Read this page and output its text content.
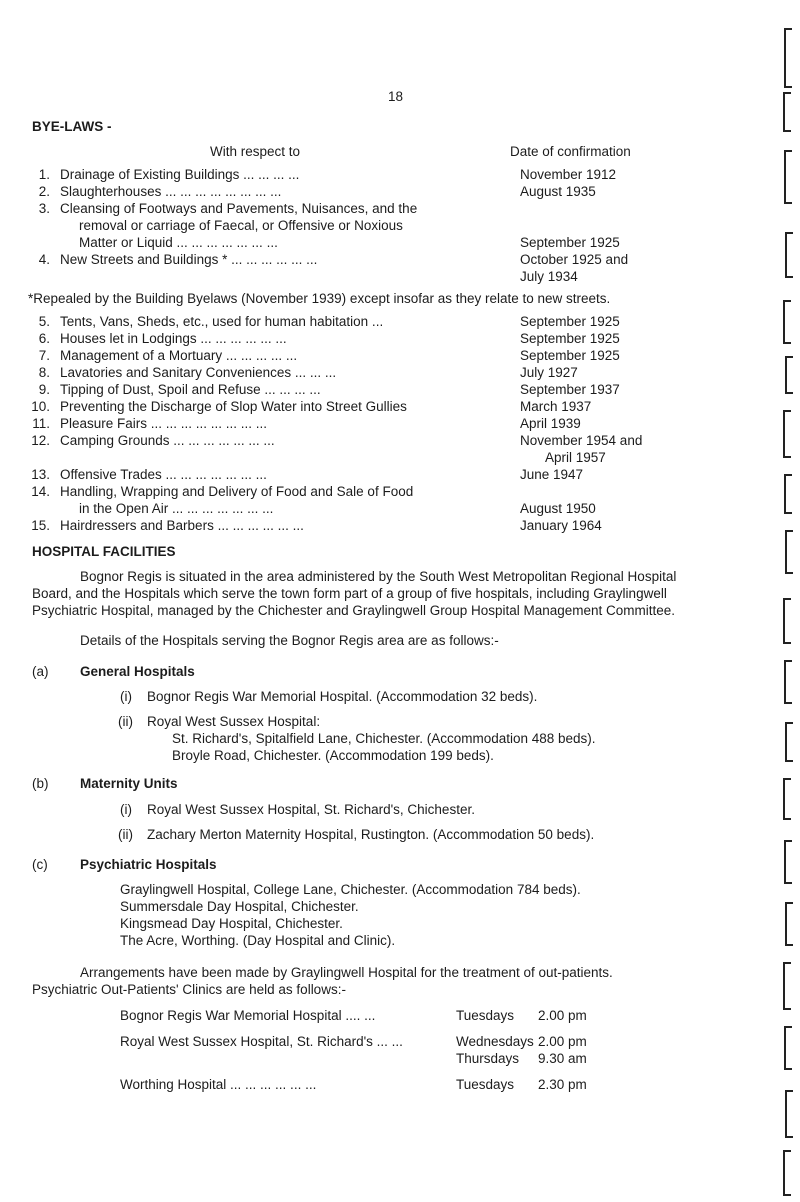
18
BYE-LAWS -
With respect to	Date of confirmation
1. Drainage of Existing Buildings ... ... ... ...	November 1912
2. Slaughterhouses ... ... ... ... ... ... ... ...	August 1935
3. Cleansing of Footways and Pavements, Nuisances, and the
removal or carriage of Faecal, or Offensive or Noxious
Matter or Liquid ... ... ... ... ... ... ...	September 1925
4. New Streets and Buildings * ... ... ... ... ... ...	October 1925 and
July 1934
*Repealed by the Building Byelaws (November 1939) except insofar as they relate to new streets.
5. Tents, Vans, Sheds, etc., used for human habitation ...	September 1925
6. Houses let in Lodgings ... ... ... ... ... ...	September 1925
7. Management of a Mortuary ... ... ... ... ...	September 1925
8. Lavatories and Sanitary Conveniences ... ... ...	July 1927
9. Tipping of Dust, Spoil and Refuse ... ... ... ...	September 1937
10. Preventing the Discharge of Slop Water into Street Gullies	March 1937
11. Pleasure Fairs ... ... ... ... ... ... ... ...	April 1939
12. Camping Grounds ... ... ... ... ... ... ...	November 1954 and
April 1957
13. Offensive Trades ... ... ... ... ... ... ...	June 1947
14. Handling, Wrapping and Delivery of Food and Sale of Food
in the Open Air ... ... ... ... ... ... ...	August 1950
15. Hairdressers and Barbers ... ... ... ... ... ...	January 1964
HOSPITAL FACILITIES
Bognor Regis is situated in the area administered by the South West Metropolitan Regional Hospital
Board, and the Hospitals which serve the town form part of a group of five hospitals, including Graylingwell
Psychiatric Hospital, managed by the Chichester and Graylingwell Group Hospital Management Committee.
Details of the Hospitals serving the Bognor Regis area are as follows:-
(a) General Hospitals
(i) Bognor Regis War Memorial Hospital. (Accommodation 32 beds).
(ii) Royal West Sussex Hospital:
St. Richard's, Spitalfield Lane, Chichester. (Accommodation 488 beds).
Broyle Road, Chichester. (Accommodation 199 beds).
(b) Maternity Units
(i) Royal West Sussex Hospital, St. Richard's, Chichester.
(ii) Zachary Merton Maternity Hospital, Rustington. (Accommodation 50 beds).
(c) Psychiatric Hospitals
Graylingwell Hospital, College Lane, Chichester. (Accommodation 784 beds).
Summersdale Day Hospital, Chichester.
Kingsmead Day Hospital, Chichester.
The Acre, Worthing. (Day Hospital and Clinic).
Arrangements have been made by Graylingwell Hospital for the treatment of out-patients.
Psychiatric Out-Patients' Clinics are held as follows:-
Bognor Regis War Memorial Hospital .... ...	Tuesdays 2.00 pm
Royal West Sussex Hospital, St. Richard's ... ...	Wednesdays 2.00 pm
Thursdays 9.30 am
Worthing Hospital ... ... ... ... ... ...	Tuesdays 2.30 pm
